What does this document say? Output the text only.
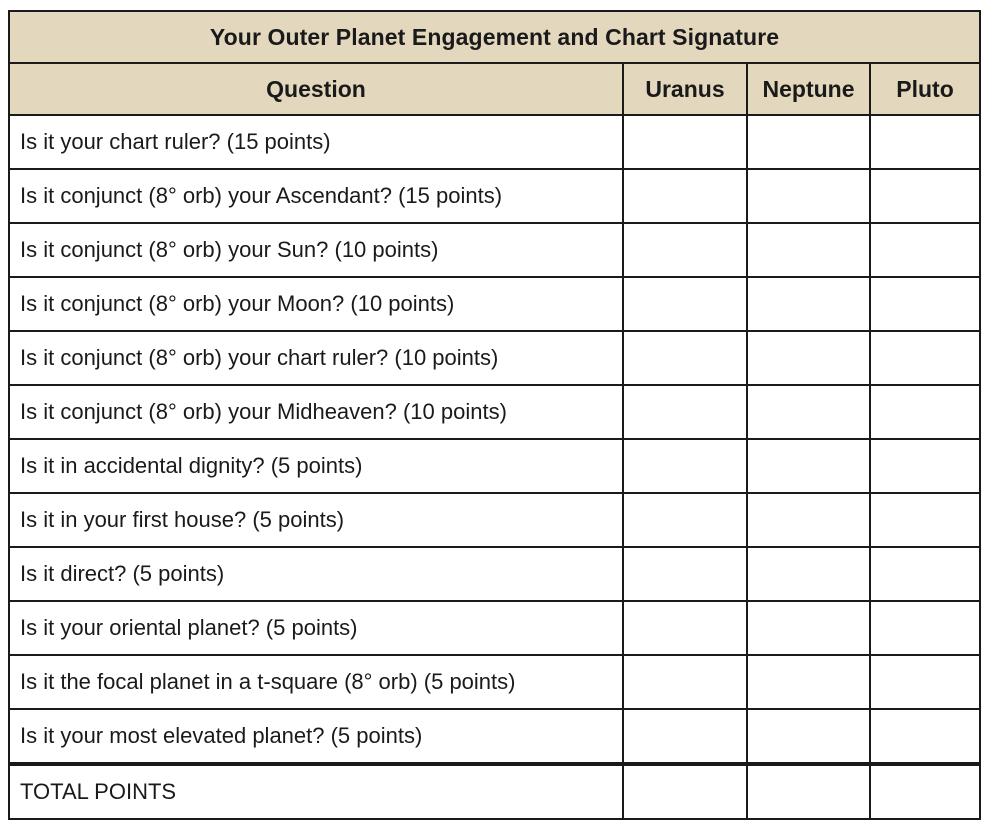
Your Outer Planet Engagement and Chart Signature			
Question	Uranus	Neptune	Pluto
Is it your chart ruler? (15 points)			
Is it conjunct (8° orb) your Ascendant? (15 points)			
Is it conjunct (8° orb) your Sun? (10 points)			
Is it conjunct (8° orb) your Moon? (10 points)			
Is it conjunct (8° orb) your chart ruler? (10 points)			
Is it conjunct (8° orb) your Midheaven? (10 points)			
Is it in accidental dignity? (5 points)			
Is it in your first house? (5 points)			
Is it direct? (5 points)			
Is it your oriental planet? (5 points)			
Is it the focal planet in a t-square (8° orb) (5 points)			
Is it your most elevated planet? (5 points)			
TOTAL POINTS			
